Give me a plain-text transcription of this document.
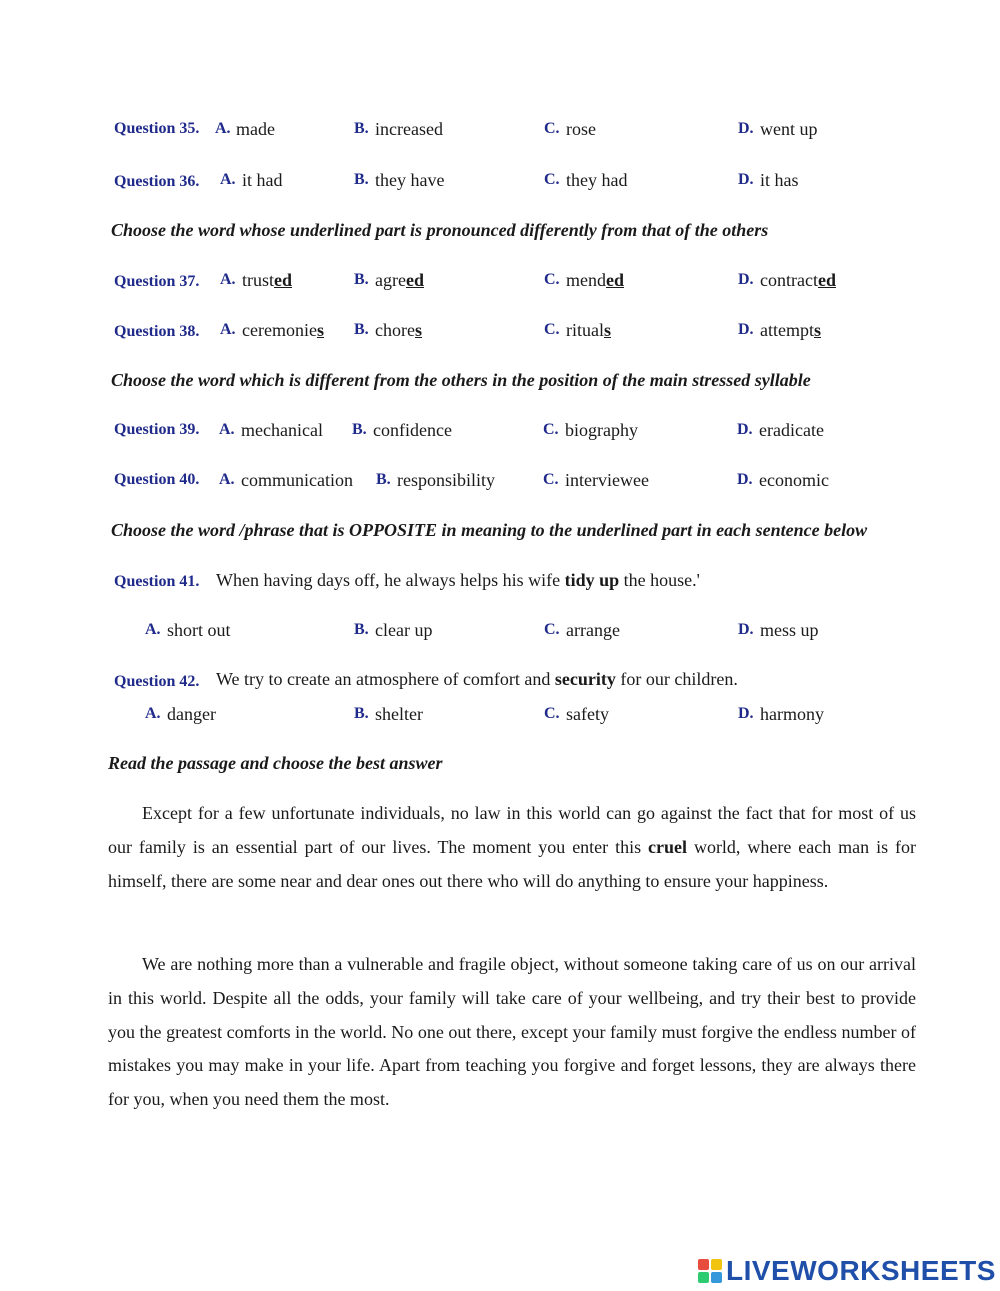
Question 35. A. made	B. increased	C. rose	D. went up
Question 36. A. it had	B. they have	C. they had	D. it has
Choose the word whose underlined part is pronounced differently from that of the others
Question 37. A. trusted	B. agreed	C. mended	D. contracted
Question 38. A. ceremonies B. chores	C. rituals	D. attempts
Choose the word which is different from the others in the position of the main stressed syllable
Question 39. A. mechanical B. confidence	C. biography	D. eradicate
Question 40. A. communication B. responsibility	C. interviewee	D. economic
Choose the word /phrase that is OPPOSITE in meaning to the underlined part in each sentence below
Question 41. When having days off, he always helps his wife tidy up the house.'
A. short out	B. clear up	C. arrange	D. mess up
Question 42. We try to create an atmosphere of comfort and security for our children.
A. danger	B. shelter	C. safety	D. harmony
Read the passage and choose the best answer
Except for a few unfortunate individuals, no law in this world can go against the fact that for most of us our family is an essential part of our lives. The moment you enter this cruel world, where each man is for himself, there are some near and dear ones out there who will do anything to ensure your happiness.
We are nothing more than a vulnerable and fragile object, without someone taking care of us on our arrival in this world. Despite all the odds, your family will take care of your wellbeing, and try their best to provide you the greatest comforts in the world. No one out there, except your family must forgive the endless number of mistakes you may make in your life. Apart from teaching you forgive and forget lessons, they are always there for you, when you need them the most.
LIVEWORKSHEETS
